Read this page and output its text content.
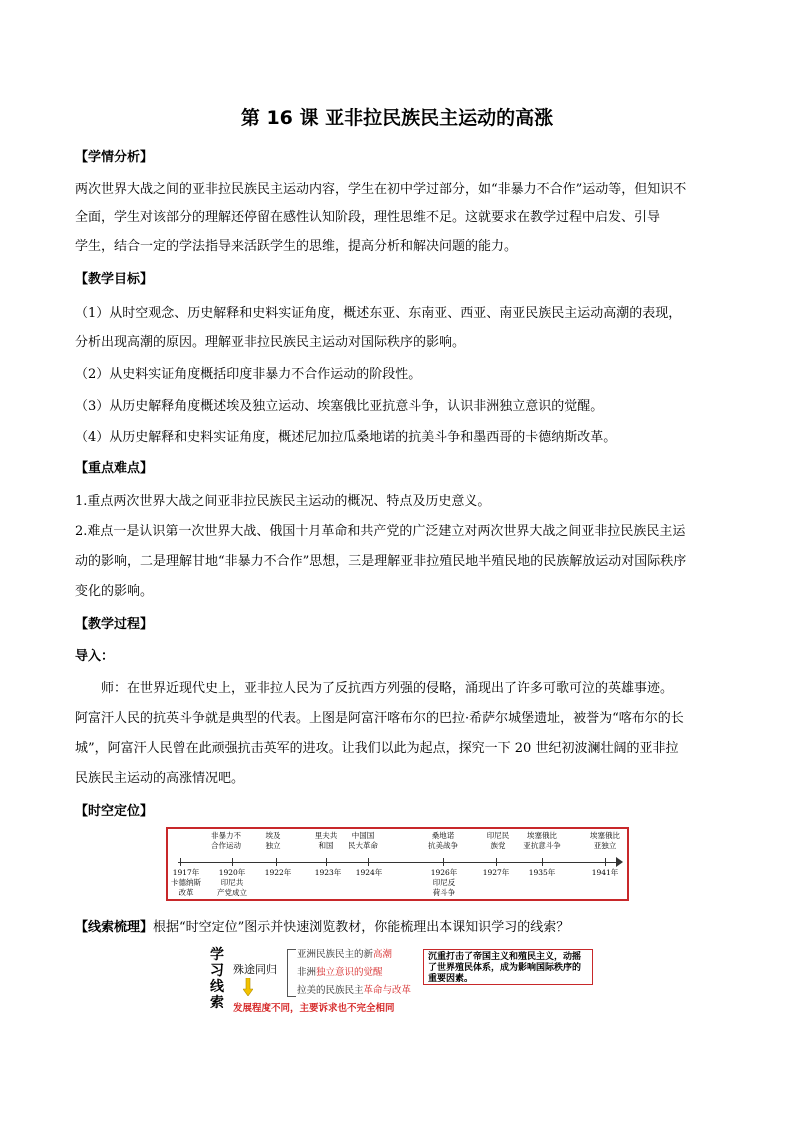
第 16 课 亚非拉民族民主运动的高涨
【学情分析】
两次世界大战之间的亚非拉民族民主运动内容，学生在初中学过部分，如“非暴力不合作”运动等，但知识不
全面，学生对该部分的理解还停留在感性认知阶段，理性思维不足。这就要求在教学过程中启发、引导
学生，结合一定的学法指导来活跃学生的思维，提高分析和解决问题的能力。
【教学目标】
（1）从时空观念、历史解释和史料实证角度，概述东亚、东南亚、西亚、南亚民族民主运动高潮的表现，
分析出现高潮的原因。理解亚非拉民族民主运动对国际秩序的影响。
（2）从史料实证角度概括印度非暴力不合作运动的阶段性。
（3）从历史解释角度概述埃及独立运动、埃塞俄比亚抗意斗争，认识非洲独立意识的觉醒。
（4）从历史解释和史料实证角度，概述尼加拉瓜桑地诺的抗美斗争和墨西哥的卡德纳斯改革。
【重点难点】
1.重点两次世界大战之间亚非拉民族民主运动的概况、特点及历史意义。
2.难点一是认识第一次世界大战、俄国十月革命和共产党的广泛建立对两次世界大战之间亚非拉民族民主运
动的影响，二是理解甘地“非暴力不合作”思想，三是理解亚非拉殖民地半殖民地的民族解放运动对国际秩序
变化的影响。
【教学过程】
导入：
师：在世界近现代史上，亚非拉人民为了反抗西方列强的侵略，涌现出了许多可歌可泣的英雄事迹。
阿富汗人民的抗英斗争就是典型的代表。上图是阿富汗喀布尔的巴拉·希萨尔城堡遗址，被誉为“喀布尔的长
城”，阿富汗人民曾在此顽强抗击英军的进攻。让我们以此为起点，探究一下 20 世纪初波澜壮阔的亚非拉
民族民主运动的高涨情况吧。
【时空定位】
非暴力不
合作运动
埃及
独立
里夫共
和国
中国国
民大革命
桑地诺
抗美战争
印尼民
族党
埃塞俄比
亚抗意斗争
埃塞俄比
亚独立
1917年
卡德纳斯
改革
1920年
印尼共
产党成立
1922年	1923年	1924年	1926年
印尼反
荷斗争
1927年	1935年	1941年
【线索梳理】根据“时空定位”图示并快速浏览教材，你能梳理出本课知识学习的线索？
学习线索
殊途同归
亚洲民族民主的新高潮
非洲独立意识的觉醒
拉美的民族民主革命与改革
沉重打击了帝国主义和殖民主义，动摇了世界殖民体系，成为影响国际秩序的重要因素。
发展程度不同，主要诉求也不完全相同
